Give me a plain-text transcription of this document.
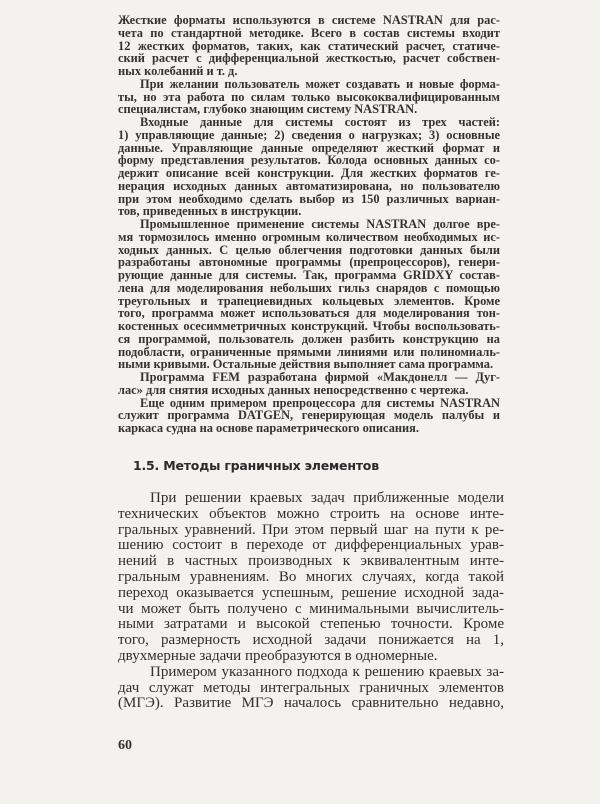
Жесткие форматы используются в системе NASTRAN для рас-
чета по стандартной методике. Всего в состав системы входит
12 жестких форматов, таких, как статический расчет, статиче-
ский расчет с дифференциальной жесткостью, расчет собствен-
ных колебаний и т. д.
При желании пользователь может создавать и новые форма-
ты, но эта работа по силам только высококвалифицированным
специалистам, глубоко знающим систему NASTRAN.
Входные данные для системы состоят из трех частей:
1) управляющие данные; 2) сведения о нагрузках; 3) основные
данные. Управляющие данные определяют жесткий формат и
форму представления результатов. Колода основных данных со-
держит описание всей конструкции. Для жестких форматов ге-
нерация исходных данных автоматизирована, но пользователю
при этом необходимо сделать выбор из 150 различных вариан-
тов, приведенных в инструкции.
Промышленное применение системы NASTRAN долгое вре-
мя тормозилось именно огромным количеством необходимых ис-
ходных данных. С целью облегчения подготовки данных были
разработаны автономные программы (препроцессоров), генери-
рующие данные для системы. Так, программа GRIDXY состав-
лена для моделирования небольших гильз снарядов с помощью
треугольных и трапециевидных кольцевых элементов. Кроме
того, программа может использоваться для моделирования тон-
костенных осесимметричных конструкций. Чтобы воспользовать-
ся программой, пользователь должен разбить конструкцию на
подобласти, ограниченные прямыми линиями или полиномиаль-
ными кривыми. Остальные действия выполняет сама программа.
Программа FEM разработана фирмой «Макдонелл — Дуг-
лас» для снятия исходных данных непосредственно с чертежа.
Еще одним примером препроцессора для системы NASTRAN
служит программа DATGEN, генерирующая модель палубы и
каркаса судна на основе параметрического описания.
1.5. Методы граничных элементов
При решении краевых задач приближенные модели
технических объектов можно строить на основе инте-
гральных уравнений. При этом первый шаг на пути к ре-
шению состоит в переходе от дифференциальных урав-
нений в частных производных к эквивалентным инте-
гральным уравнениям. Во многих случаях, когда такой
переход оказывается успешным, решение исходной зада-
чи может быть получено с минимальными вычислитель-
ными затратами и высокой степенью точности. Кроме
того, размерность исходной задачи понижается на 1,
двухмерные задачи преобразуются в одномерные.
Примером указанного подхода к решению краевых за-
дач служат методы интегральных граничных элементов
(МГЭ). Развитие МГЭ началось сравнительно недавно,
60
